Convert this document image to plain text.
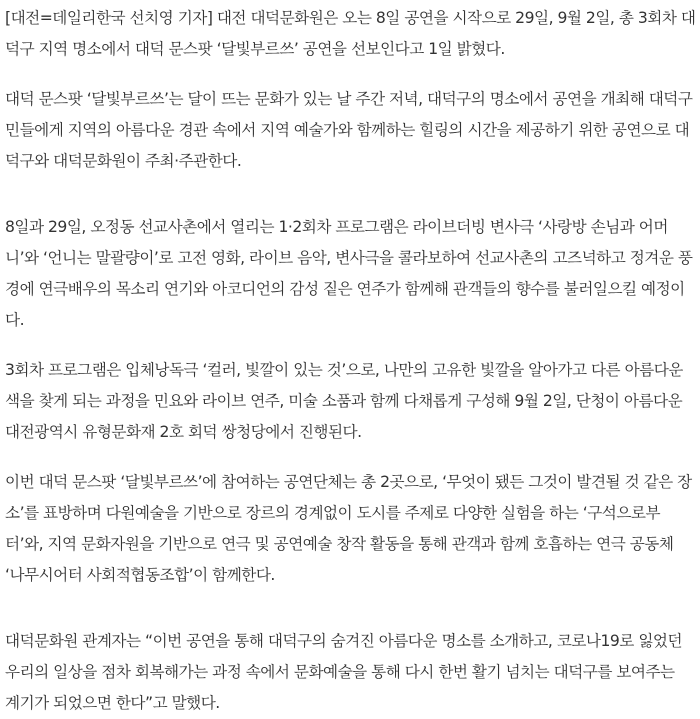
[대전=데일리한국 선치영 기자] 대전 대덕문화원은 오는 8일 공연을 시작으로 29일, 9월 2일, 총 3회차 대
덕구 지역 명소에서 대덕 문스팟 ‘달빛부르쓰’ 공연을 선보인다고 1일 밝혔다.

대덕 문스팟 ‘달빛부르쓰’는 달이 뜨는 문화가 있는 날 주간 저녁, 대덕구의 명소에서 공연을 개최해 대덕구
민들에게 지역의 아름다운 경관 속에서 지역 예술가와 함께하는 힐링의 시간을 제공하기 위한 공연으로 대
덕구와 대덕문화원이 주최·주관한다.

8일과 29일, 오정동 선교사촌에서 열리는 1·2회차 프로그램은 라이브더빙 변사극 ‘사랑방 손님과 어머
니’와 ‘언니는 말괄량이’로 고전 영화, 라이브 음악, 변사극을 콜라보하여 선교사촌의 고즈넉하고 정겨운 풍
경에 연극배우의 목소리 연기와 아코디언의 감성 짙은 연주가 함께해 관객들의 향수를 불러일으킬 예정이
다.

3회차 프로그램은 입체낭독극 ‘컬러, 빛깔이 있는 것’으로, 나만의 고유한 빛깔을 알아가고 다른 아름다운
색을 찾게 되는 과정을 민요와 라이브 연주, 미술 소품과 함께 다채롭게 구성해 9월 2일, 단청이 아름다운
대전광역시 유형문화재 2호 회덕 쌍청당에서 진행된다.

이번 대덕 문스팟 ‘달빛부르쓰’에 참여하는 공연단체는 총 2곳으로, ‘무엇이 됐든 그것이 발견될 것 같은 장
소’를 표방하며 다원예술을 기반으로 장르의 경계없이 도시를 주제로 다양한 실험을 하는 ‘구석으로부
터’와, 지역 문화자원을 기반으로 연극 및 공연예술 창작 활동을 통해 관객과 함께 호흡하는 연극 공동체
‘나무시어터 사회적협동조합’이 함께한다.

대덕문화원 관계자는 “이번 공연을 통해 대덕구의 숨겨진 아름다운 명소를 소개하고, 코로나19로 잃었던
우리의 일상을 점차 회복해가는 과정 속에서 문화예술을 통해 다시 한번 활기 넘치는 대덕구를 보여주는
계기가 되었으면 한다”고 말했다.
